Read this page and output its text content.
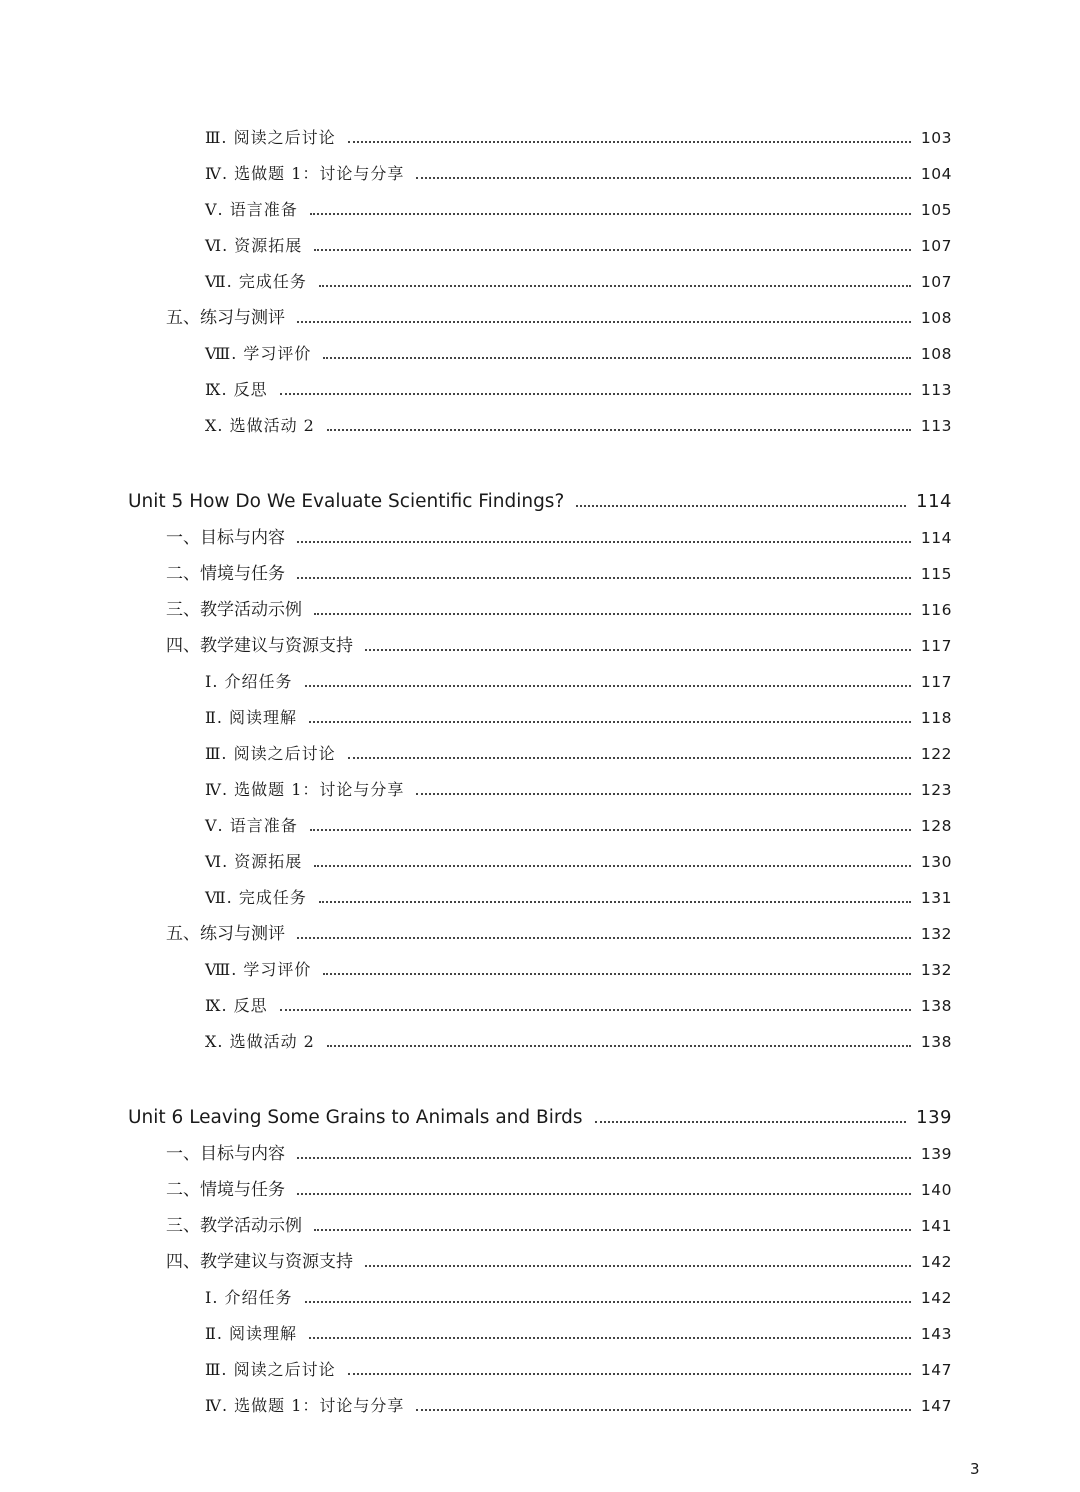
Ⅲ. 阅读之后讨论	103
Ⅳ. 选做题 1：讨论与分享	104
Ⅴ. 语言准备	105
Ⅵ. 资源拓展	107
Ⅶ. 完成任务	107
五、练习与测评	108
Ⅷ. 学习评价	108
Ⅸ. 反思	113
Ⅹ. 选做活动 2	113
Unit 5 How Do We Evaluate Scientific Findings?	114
一、目标与内容	114
二、情境与任务	115
三、教学活动示例	116
四、教学建议与资源支持	117
Ⅰ. 介绍任务	117
Ⅱ. 阅读理解	118
Ⅲ. 阅读之后讨论	122
Ⅳ. 选做题 1：讨论与分享	123
Ⅴ. 语言准备	128
Ⅵ. 资源拓展	130
Ⅶ. 完成任务	131
五、练习与测评	132
Ⅷ. 学习评价	132
Ⅸ. 反思	138
Ⅹ. 选做活动 2	138
Unit 6 Leaving Some Grains to Animals and Birds	139
一、目标与内容	139
二、情境与任务	140
三、教学活动示例	141
四、教学建议与资源支持	142
Ⅰ. 介绍任务	142
Ⅱ. 阅读理解	143
Ⅲ. 阅读之后讨论	147
Ⅳ. 选做题 1：讨论与分享	147
3
